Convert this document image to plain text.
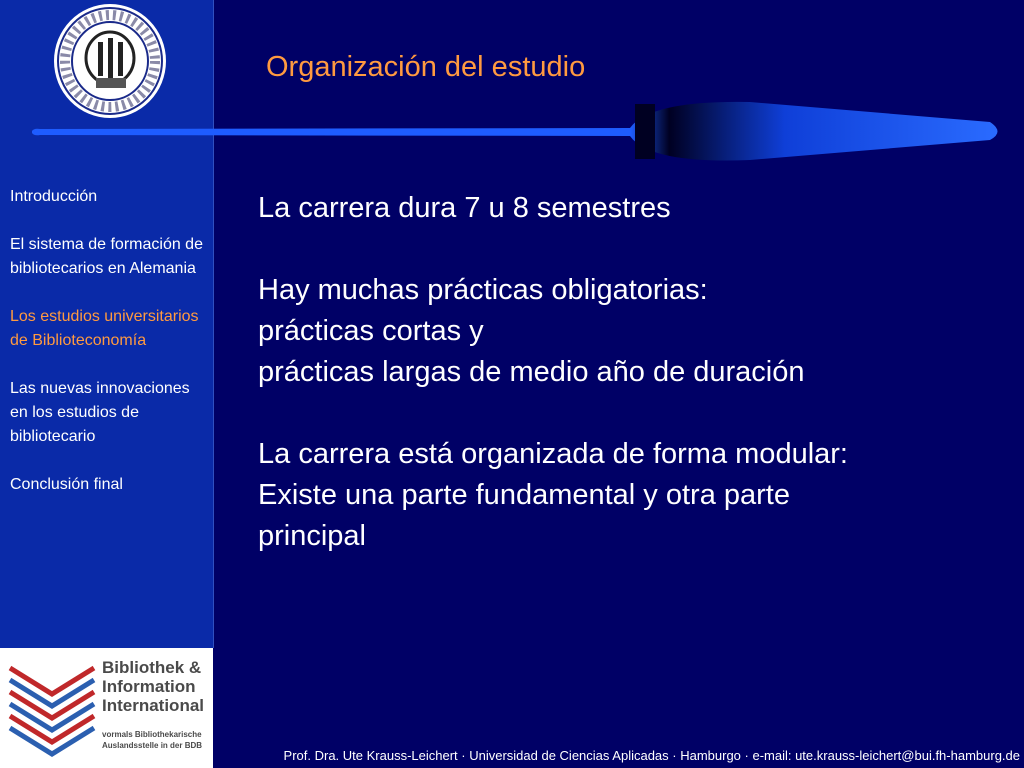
Introducción
El sistema de formación de bibliotecarios en Alemania
Los estudios universitarios de Biblioteconomía
Las nuevas innovaciones en los estudios de bibliotecario
Conclusión final
Organización del estudio
La carrera dura 7 u 8 semestres
Hay muchas prácticas obligatorias:
prácticas cortas y
prácticas largas de medio año de duración
La carrera está organizada de forma modular:
Existe una parte fundamental y otra parte
principal
Bibliothek &
Information
International
vormals Bibliothekarische
Auslandsstelle in der BDB
Prof. Dra. Ute Krauss-Leichert · Universidad de Ciencias Aplicadas · Hamburgo · e-mail: ute.krauss-leichert@bui.fh-hamburg.de
